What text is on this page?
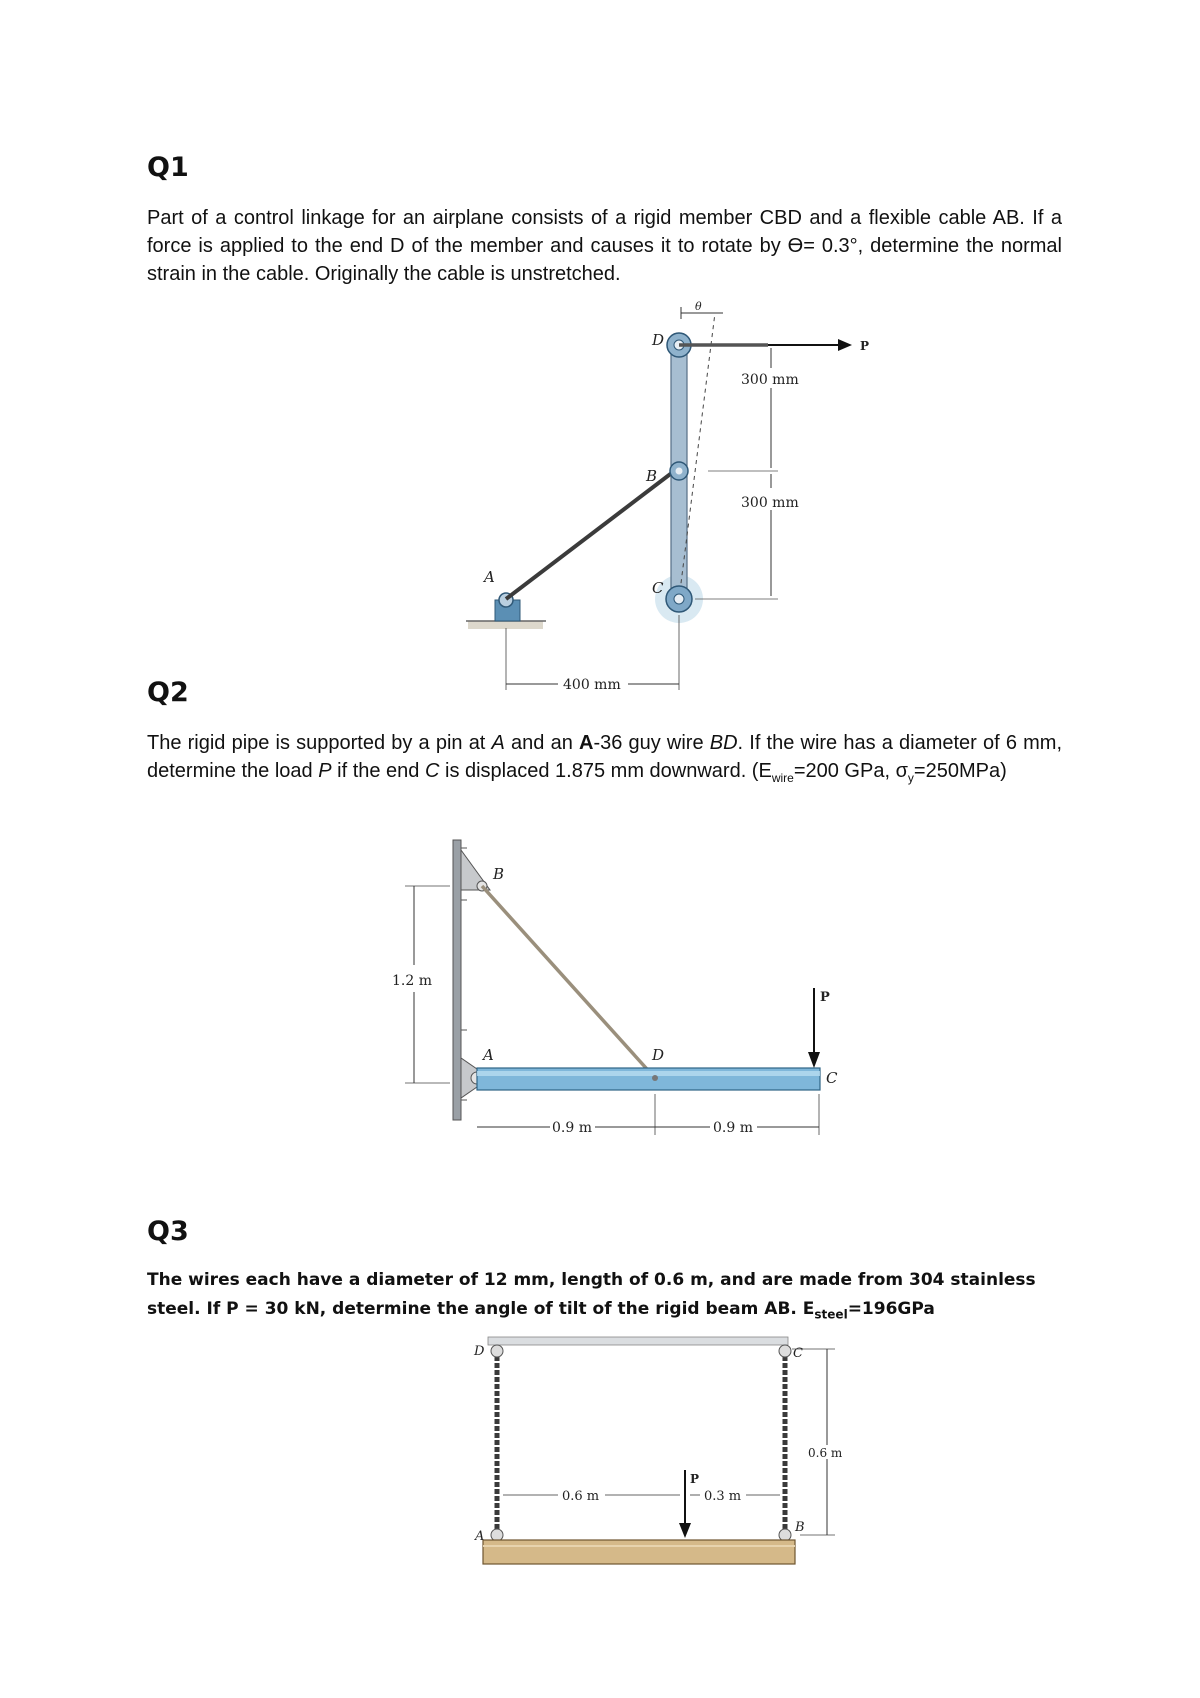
Q1
Part of a control linkage for an airplane consists of a rigid member CBD and a flexible cable AB. If a force is applied to the end D of the member and causes it to rotate by ϴ= 0.3°, determine the normal strain in the cable. Originally the cable is unstretched.
P
θ
D
B
A
C
300 mm
300 mm
400 mm
Q2
The rigid pipe is supported by a pin at A and an A-36 guy wire BD. If the wire has a diameter of 6 mm, determine the load P if the end C is displaced 1.875 mm downward. ($E_{wire}=200$ GPa, $\sigma_y=250MPa$)
P
B
A	D
C
1.2 m
0.9 m	0.9 m
Q3
The wires each have a diameter of 12 mm, length of 0.6 m, and are made from 304 stainless steel. If P = 30 kN, determine the angle of tilt of the rigid beam AB. $E_{steel}=196GPa$
P
D	C
A
B
0.6 m	0.3 m
0.6 m
